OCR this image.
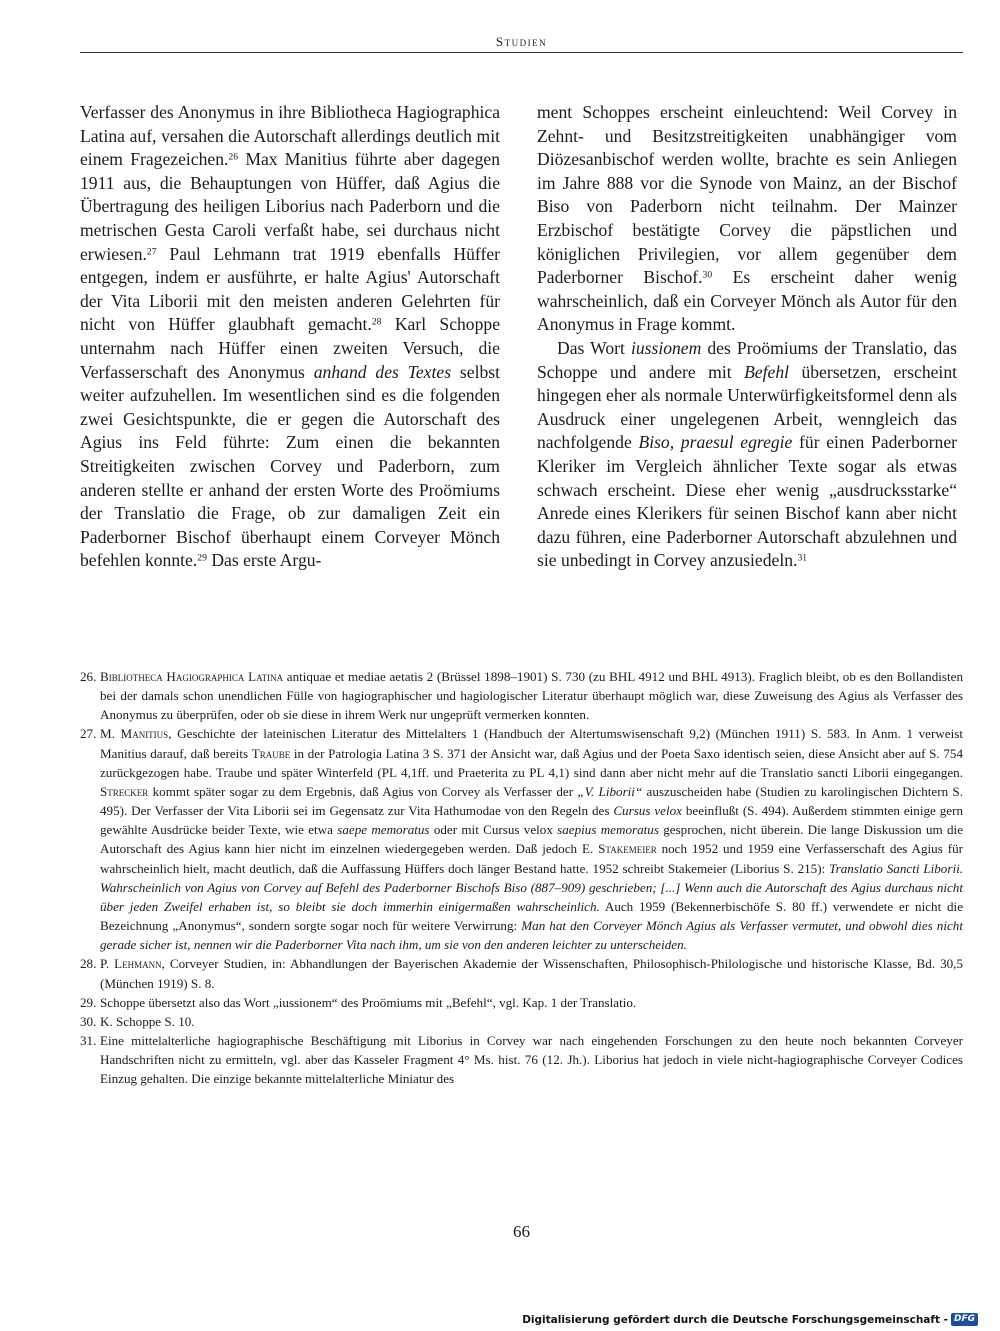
Studien

Verfasser des Anonymus in ihre Bibliotheca Hagiographica Latina auf, versahen die Autorschaft allerdings deutlich mit einem Fragezeichen.$^{26}$ Max Manitius führte aber dagegen 1911 aus, die Behauptungen von Hüffer, daß Agius die Übertragung des heiligen Liborius nach Paderborn und die metrischen Gesta Caroli verfaßt habe, sei durchaus nicht erwiesen.$^{27}$ Paul Lehmann trat 1919 ebenfalls Hüffer entgegen, indem er ausführte, er halte Agius' Autorschaft der Vita Liborii mit den meisten anderen Gelehrten für nicht von Hüffer glaubhaft gemacht.$^{28}$ Karl Schoppe unternahm nach Hüffer einen zweiten Versuch, die Verfasserschaft des Anonymus anhand des Textes selbst weiter aufzuhellen. Im wesentlichen sind es die folgenden zwei Gesichtspunkte, die er gegen die Autorschaft des Agius ins Feld führte: Zum einen die bekannten Streitigkeiten zwischen Corvey und Paderborn, zum anderen stellte er anhand der ersten Worte des Proömiums der Translatio die Frage, ob zur damaligen Zeit ein Paderborner Bischof überhaupt einem Corveyer Mönch befehlen konnte.$^{29}$ Das erste Argu-

ment Schoppes erscheint einleuchtend: Weil Corvey in Zehnt- und Besitzstreitigkeiten unabhängiger vom Diözesanbischof werden wollte, brachte es sein Anliegen im Jahre 888 vor die Synode von Mainz, an der Bischof Biso von Paderborn nicht teilnahm. Der Mainzer Erzbischof bestätigte Corvey die päpstlichen und königlichen Privilegien, vor allem gegenüber dem Paderborner Bischof.$^{30}$ Es erscheint daher wenig wahrscheinlich, daß ein Corveyer Mönch als Autor für den Anonymus in Frage kommt.

Das Wort iussionem des Proömiums der Translatio, das Schoppe und andere mit Befehl übersetzen, erscheint hingegen eher als normale Unterwürfigkeitsformel denn als Ausdruck einer ungelegenen Arbeit, wenngleich das nachfolgende Biso, praesul egregie für einen Paderborner Kleriker im Vergleich ähnlicher Texte sogar als etwas schwach erscheint. Diese eher wenig „ausdrucksstarke“ Anrede eines Klerikers für seinen Bischof kann aber nicht dazu führen, eine Paderborner Autorschaft abzulehnen und sie unbedingt in Corvey anzusiedeln.$^{31}$

26. Bibliotheca Hagiographica Latina antiquae et mediae aetatis 2 (Brüssel 1898–1901) S. 730 (zu BHL 4912 und BHL 4913). Fraglich bleibt, ob es den Bollandisten bei der damals schon unendlichen Fülle von hagiographischer und hagiologischer Literatur überhaupt möglich war, diese Zuweisung des Agius als Verfasser des Anonymus zu überprüfen, oder ob sie diese in ihrem Werk nur ungeprüft vermerken konnten.
27. M. Manitius, Geschichte der lateinischen Literatur des Mittelalters 1 (Handbuch der Altertumswisenschaft 9,2) (München 1911) S. 583. In Anm. 1 verweist Manitius darauf, daß bereits Traube in der Patrologia Latina 3 S. 371 der Ansicht war, daß Agius und der Poeta Saxo identisch seien, diese Ansicht aber auf S. 754 zurückgezogen habe. Traube und später Winterfeld (PL 4,1ff. und Praeterita zu PL 4,1) sind dann aber nicht mehr auf die Translatio sancti Liborii eingegangen. Strecker kommt später sogar zu dem Ergebnis, daß Agius von Corvey als Verfasser der „V. Liborii“ auszuscheiden habe (Studien zu karolingischen Dichtern S. 495). Der Verfasser der Vita Liborii sei im Gegensatz zur Vita Hathumodae von den Regeln des Cursus velox beeinflußt (S. 494). Außerdem stimmten einige gern gewählte Ausdrücke beider Texte, wie etwa saepe memoratus oder mit Cursus velox saepius memoratus gesprochen, nicht überein. Die lange Diskussion um die Autorschaft des Agius kann hier nicht im einzelnen wiedergegeben werden. Daß jedoch E. Stakemeier noch 1952 und 1959 eine Verfasserschaft des Agius für wahrscheinlich hielt, macht deutlich, daß die Auffassung Hüffers doch länger Bestand hatte. 1952 schreibt Stakemeier (Liborius S. 215): Translatio Sancti Liborii. Wahrscheinlich von Agius von Corvey auf Befehl des Paderborner Bischofs Biso (887–909) geschrieben; [...] Wenn auch die Autorschaft des Agius durchaus nicht über jeden Zweifel erhaben ist, so bleibt sie doch immerhin einigermaßen wahrscheinlich. Auch 1959 (Bekennerbischöfe S. 80 ff.) verwendete er nicht die Bezeichnung „Anonymus“, sondern sorgte sogar noch für weitere Verwirrung: Man hat den Corveyer Mönch Agius als Verfasser vermutet, und obwohl dies nicht gerade sicher ist, nennen wir die Paderborner Vita nach ihm, um sie von den anderen leichter zu unterscheiden.
28. P. Lehmann, Corveyer Studien, in: Abhandlungen der Bayerischen Akademie der Wissenschaften, Philosophisch-Philologische und historische Klasse, Bd. 30,5 (München 1919) S. 8.
29. Schoppe übersetzt also das Wort „iussionem“ des Proömiums mit „Befehl“, vgl. Kap. 1 der Translatio.
30. K. Schoppe S. 10.
31. Eine mittelalterliche hagiographische Beschäftigung mit Liborius in Corvey war nach eingehenden Forschungen zu den heute noch bekannten Corveyer Handschriften nicht zu ermitteln, vgl. aber das Kasseler Fragment 4° Ms. hist. 76 (12. Jh.). Liborius hat jedoch in viele nicht-hagiographische Corveyer Codices Einzug gehalten. Die einzige bekannte mittelalterliche Miniatur des
66
Digitalisierung gefördert durch die Deutsche Forschungsgemeinschaft - DFG
